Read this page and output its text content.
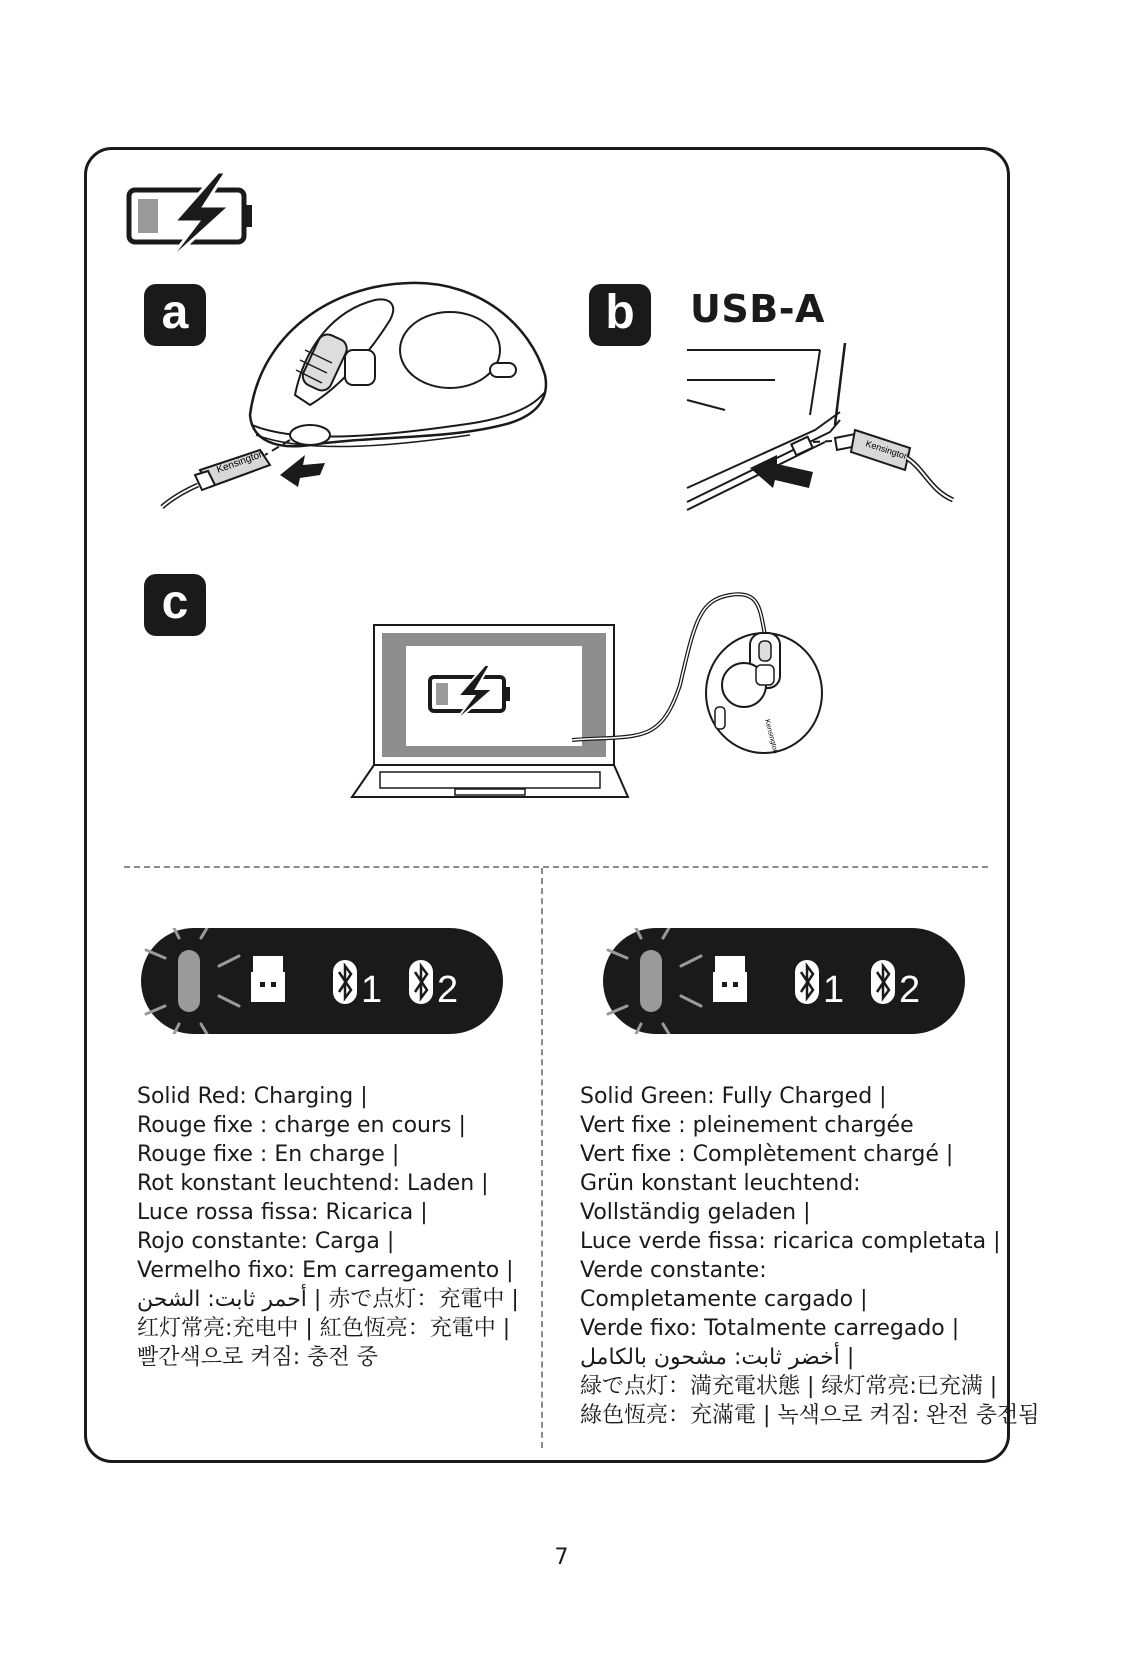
a	b
c
USB-A
Kensington	Kensington
Kensington
1 2	1 2
Solid Red: Charging |
Rouge fixe : charge en cours |
Rouge fixe : En charge |
Rot konstant leuchtend: Laden |
Luce rossa fissa: Ricarica |
Rojo constante: Carga |
Vermelho fixo: Em carregamento |
أحمر ثابت: الشحن | 赤で点灯：充電中 |
红灯常亮:充电中 | 紅色恆亮：充電中 |
빨간색으로 켜짐: 충전 중
Solid Green: Fully Charged |
Vert fixe : pleinement chargée
Vert fixe : Complètement chargé |
Grün konstant leuchtend:
Vollständig geladen |
Luce verde fissa: ricarica completata |
Verde constante:
Completamente cargado |
Verde fixo: Totalmente carregado |
أخضر ثابت: مشحون بالكامل |
緑で点灯：満充電状態 | 绿灯常亮:已充满 |
綠色恆亮：充滿電 | 녹색으로 켜짐: 완전 충전됨
7
